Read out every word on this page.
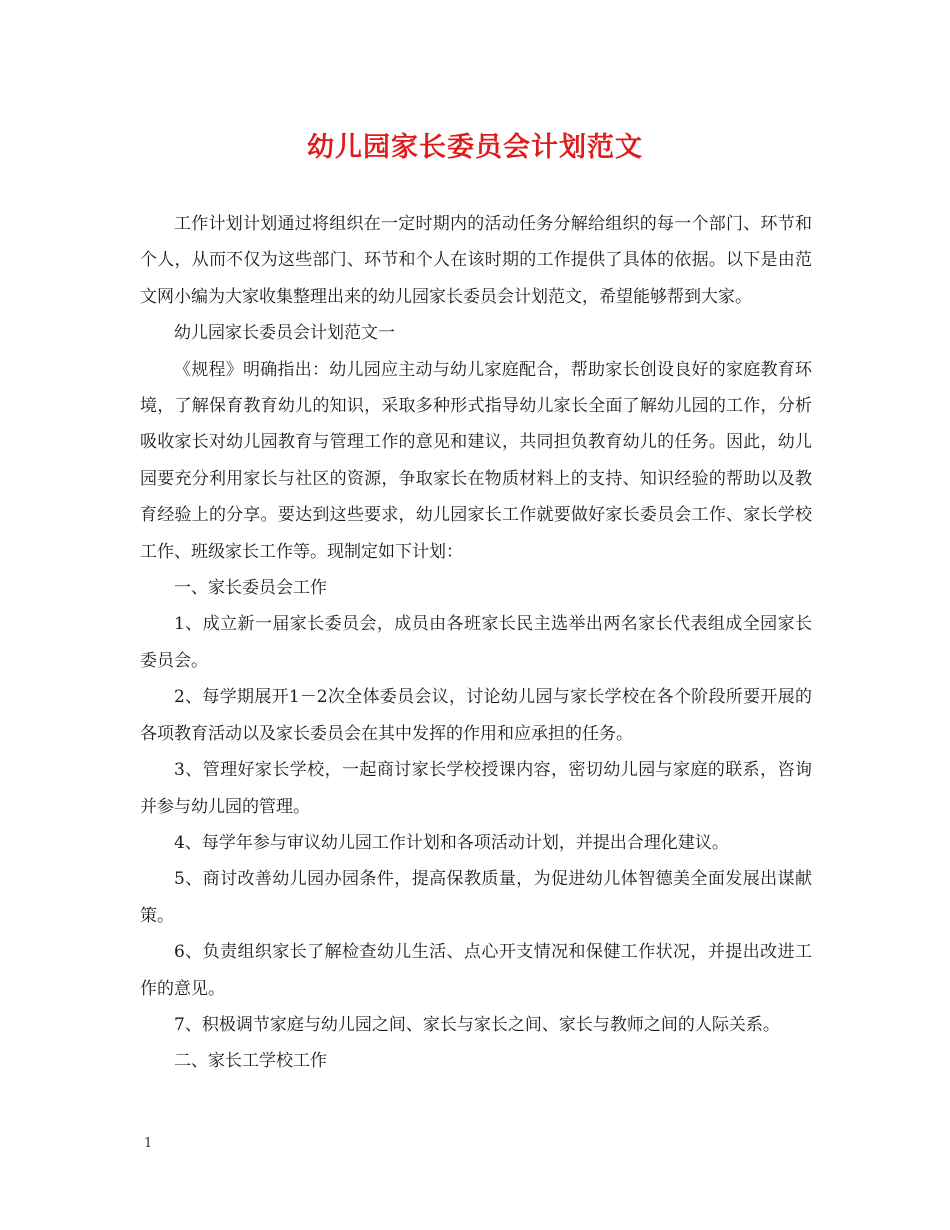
幼儿园家长委员会计划范文

工作计划计划通过将组织在一定时期内的活动任务分解给组织的每一个部门、环节和个人，从而不仅为这些部门、环节和个人在该时期的工作提供了具体的依据。以下是由范文网小编为大家收集整理出来的幼儿园家长委员会计划范文，希望能够帮到大家。

幼儿园家长委员会计划范文一

《规程》明确指出：幼儿园应主动与幼儿家庭配合，帮助家长创设良好的家庭教育环境，了解保育教育幼儿的知识，采取多种形式指导幼儿家长全面了解幼儿园的工作，分析吸收家长对幼儿园教育与管理工作的意见和建议，共同担负教育幼儿的任务。因此，幼儿园要充分利用家长与社区的资源，争取家长在物质材料上的支持、知识经验的帮助以及教育经验上的分享。要达到这些要求，幼儿园家长工作就要做好家长委员会工作、家长学校工作、班级家长工作等。现制定如下计划：

一、家长委员会工作

1、成立新一届家长委员会，成员由各班家长民主选举出两名家长代表组成全园家长委员会。

2、每学期展开1－2次全体委员会议，讨论幼儿园与家长学校在各个阶段所要开展的各项教育活动以及家长委员会在其中发挥的作用和应承担的任务。

3、管理好家长学校，一起商讨家长学校授课内容，密切幼儿园与家庭的联系，咨询并参与幼儿园的管理。

4、每学年参与审议幼儿园工作计划和各项活动计划，并提出合理化建议。

5、商讨改善幼儿园办园条件，提高保教质量，为促进幼儿体智德美全面发展出谋献策。

6、负责组织家长了解检查幼儿生活、点心开支情况和保健工作状况，并提出改进工作的意见。

7、积极调节家庭与幼儿园之间、家长与家长之间、家长与教师之间的人际关系。

二、家长工学校工作

1
